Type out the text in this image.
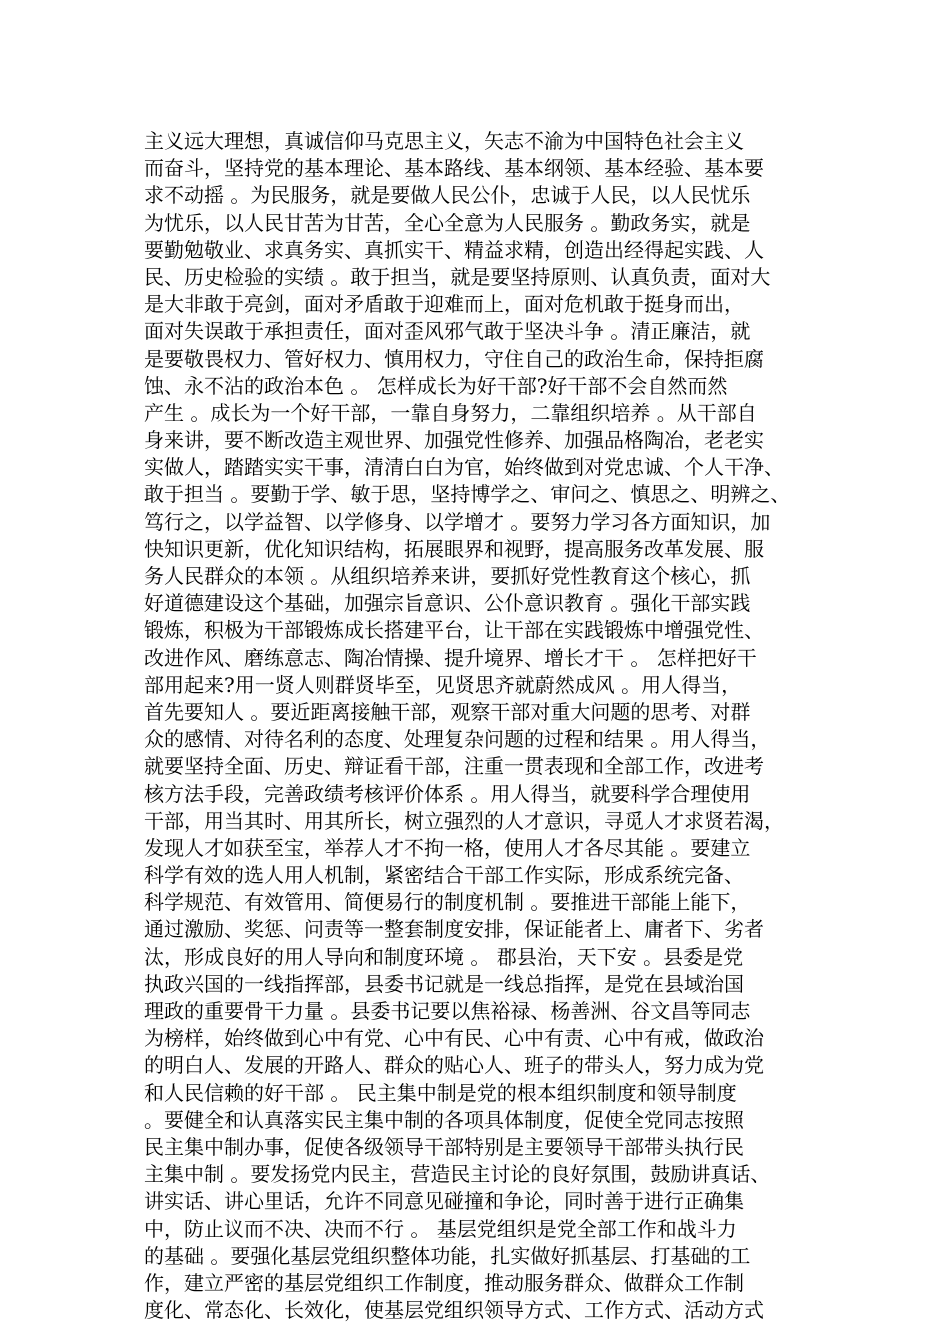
主义远大理想，真诚信仰马克思主义，矢志不渝为中国特色社会主义
而奋斗，坚持党的基本理论、基本路线、基本纲领、基本经验、基本要
求不动摇 。为民服务，就是要做人民公仆，忠诚于人民，以人民忧乐
为忧乐，以人民甘苦为甘苦，全心全意为人民服务 。勤政务实，就是
要勤勉敬业、求真务实、真抓实干、精益求精，创造出经得起实践、人
民、历史检验的实绩 。敢于担当，就是要坚持原则、认真负责，面对大
是大非敢于亮剑，面对矛盾敢于迎难而上，面对危机敢于挺身而出，
面对失误敢于承担责任，面对歪风邪气敢于坚决斗争 。清正廉洁，就
是要敬畏权力、管好权力、慎用权力，守住自己的政治生命，保持拒腐
蚀、永不沾的政治本色 。 怎样成长为好干部?好干部不会自然而然
产生 。成长为一个好干部，一靠自身努力，二靠组织培养 。从干部自
身来讲，要不断改造主观世界、加强党性修养、加强品格陶冶，老老实
实做人，踏踏实实干事，清清白白为官，始终做到对党忠诚、个人干净、
敢于担当 。要勤于学、敏于思，坚持博学之、审问之、慎思之、明辨之、
笃行之，以学益智、以学修身、以学增才 。要努力学习各方面知识，加
快知识更新，优化知识结构，拓展眼界和视野，提高服务改革发展、服
务人民群众的本领 。从组织培养来讲，要抓好党性教育这个核心，抓
好道德建设这个基础，加强宗旨意识、公仆意识教育 。强化干部实践
锻炼，积极为干部锻炼成长搭建平台，让干部在实践锻炼中增强党性、
改进作风、磨练意志、陶冶情操、提升境界、增长才干 。 怎样把好干
部用起来?用一贤人则群贤毕至，见贤思齐就蔚然成风 。用人得当，
首先要知人 。要近距离接触干部，观察干部对重大问题的思考、对群
众的感情、对待名利的态度、处理复杂问题的过程和结果 。用人得当，
就要坚持全面、历史、辩证看干部，注重一贯表现和全部工作，改进考
核方法手段，完善政绩考核评价体系 。用人得当，就要科学合理使用
干部，用当其时、用其所长，树立强烈的人才意识，寻觅人才求贤若渴，
发现人才如获至宝，举荐人才不拘一格，使用人才各尽其能 。要建立
科学有效的选人用人机制，紧密结合干部工作实际，形成系统完备、
科学规范、有效管用、简便易行的制度机制 。要推进干部能上能下，
通过激励、奖惩、问责等一整套制度安排，保证能者上、庸者下、劣者
汰，形成良好的用人导向和制度环境 。 郡县治，天下安 。县委是党
执政兴国的一线指挥部，县委书记就是一线总指挥，是党在县域治国
理政的重要骨干力量 。县委书记要以焦裕禄、杨善洲、谷文昌等同志
为榜样，始终做到心中有党、心中有民、心中有责、心中有戒，做政治
的明白人、发展的开路人、群众的贴心人、班子的带头人，努力成为党
和人民信赖的好干部 。 民主集中制是党的根本组织制度和领导制度
。要健全和认真落实民主集中制的各项具体制度，促使全党同志按照
民主集中制办事，促使各级领导干部特别是主要领导干部带头执行民
主集中制 。要发扬党内民主，营造民主讨论的良好氛围，鼓励讲真话、
讲实话、讲心里话，允许不同意见碰撞和争论，同时善于进行正确集
中，防止议而不决、决而不行 。 基层党组织是党全部工作和战斗力
的基础 。要强化基层党组织整体功能，扎实做好抓基层、打基础的工
作，建立严密的基层党组织工作制度，推动服务群众、做群众工作制
度化、常态化、长效化，使基层党组织领导方式、工作方式、活动方式
